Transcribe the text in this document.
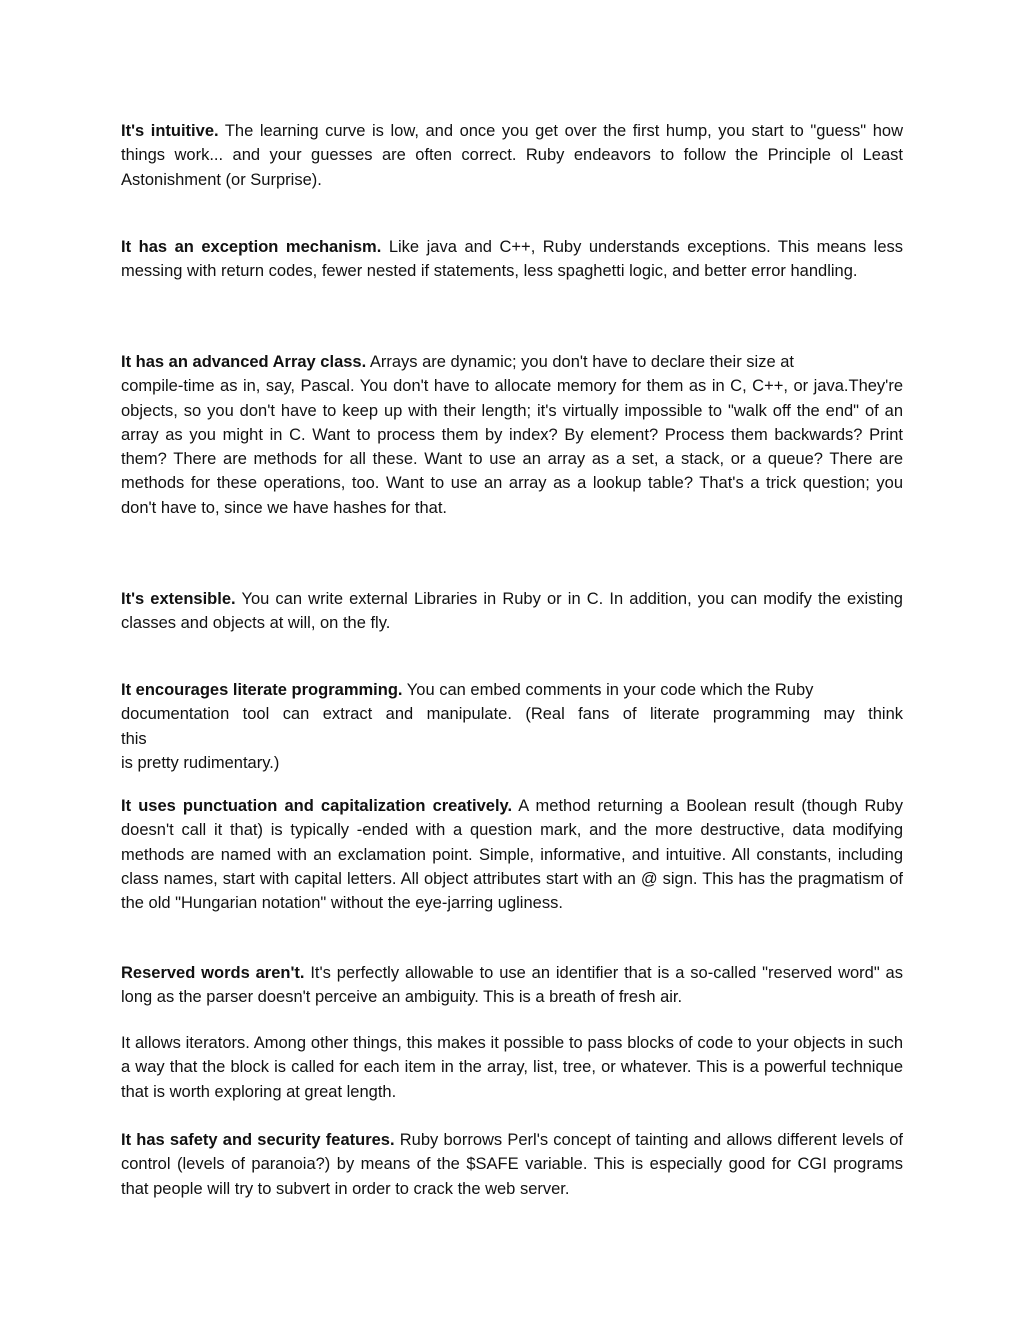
It's intuitive. The learning curve is low, and once you get over the first hump, you start to "guess" how things work... and your guesses are often correct. Ruby endeavors to follow the Principle ol Least Astonishment (or Surprise).

It has an exception mechanism. Like java and C++, Ruby understands exceptions. This means less messing with return codes, fewer nested if statements, less spaghetti logic, and better error handling.

It has an advanced Array class. Arrays are dynamic; you don't have to declare their size at
compile-time as in, say, Pascal. You don't have to allocate memory for them as in C, C++, or java.They're objects, so you don't have to keep up with their length; it's virtually impossible to "walk off the end" of an array as you might in C. Want to process them by index? By element? Process them backwards? Print them? There are methods for all these. Want to use an array as a set, a stack, or a queue? There are methods for these operations, too. Want to use an array as a lookup table? That's a trick question; you don't have to, since we have hashes for that.

It's extensible. You can write external Libraries in Ruby or in C. In addition, you can modify the existing classes and objects at will, on the fly.

It encourages literate programming. You can embed comments in your code which the Ruby
documentation tool can extract and manipulate. (Real fans of literate programming may think
this
is pretty rudimentary.)

It uses punctuation and capitalization creatively. A method returning a Boolean result (though Ruby doesn't call it that) is typically -ended with a question mark, and the more destructive, data modifying methods are named with an exclamation point. Simple, informative, and intuitive. All constants, including class names, start with capital letters. All object attributes start with an @ sign. This has the pragmatism of the old "Hungarian notation" without the eye-jarring ugliness.

Reserved words aren't. It's perfectly allowable to use an identifier that is a so-called "reserved word" as long as the parser doesn't perceive an ambiguity. This is a breath of fresh air.

It allows iterators. Among other things, this makes it possible to pass blocks of code to your objects in such a way that the block is called for each item in the array, list, tree, or whatever. This is a powerful technique that is worth exploring at great length.

It has safety and security features. Ruby borrows Perl's concept of tainting and allows different levels of control (levels of paranoia?) by means of the $SAFE variable. This is especially good for CGI programs that people will try to subvert in order to crack the web server.
